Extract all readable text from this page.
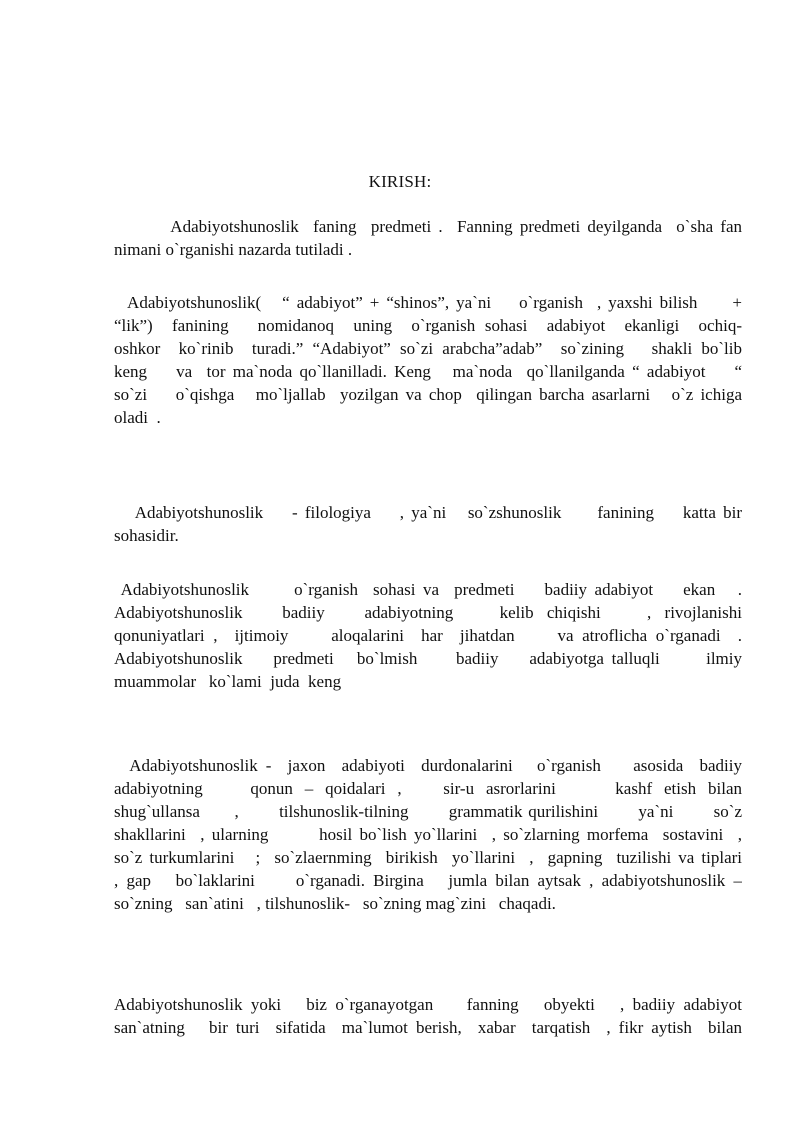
KIRISH:
Adabiyotshunoslik  faning  predmeti .  Fanning predmeti deyilganda  o`sha fan
nimani o`rganishi nazarda tutiladi .
Adabiyotshunoslik(   “ adabiyot” + “shinos”, ya`ni    o`rganish  , yaxshi bilish     +
“lik”)  fanining   nomidanoq  uning  o`rganish sohasi  adabiyot  ekanligi  ochiq-
oshkor  ko`rinib  turadi.” “Adabiyot” so`zi arabcha”adab”  so`zining   shakli bo`lib
keng    va  tor ma`noda qo`llanilladi. Keng   ma`noda  qo`llanilganda “ adabiyot    “
so`zi    o`qishga   mo`ljallab  yozilgan va chop  qilingan barcha asarlarni   o`z ichiga
oladi  .
Adabiyotshunoslik    - filologiya    , ya`ni   so`zshunoslik     fanining    katta bir
sohasidir.
Adabiyotshunoslik      o`rganish  sohasi va  predmeti    badiiy adabiyot    ekan   .
Adabiyotshunoslik      badiiy      adabiyotning       kelib  chiqishi       ,  rivojlanishi
qonuniyatlari ,  ijtimoiy     aloqalarini  har  jihatdan     va atroflicha o`rganadi  .
Adabiyotshunoslik    predmeti   bo`lmish     badiiy    adabiyotga talluqli      ilmiy
muammolar   ko`lami  juda  keng
Adabiyotshunoslik -  jaxon  adabiyoti  durdonalarini   o`rganish    asosida  badiiy
adabiyotning        qonun  –  qoidalari  ,       sir-u  asrorlarini          kashf  etish  bilan
shug`ullansa      ,       tilshunoslik-tilning       grammatik qurilishini       ya`ni       so`z
shakllarini  , ularning       hosil bo`lish yo`llarini  , so`zlarning morfema  sostavini  ,
so`z turkumlarini   ;  so`zlaernming  birikish  yo`llarini  ,  gapning  tuzilishi va tiplari
, gap   bo`laklarini     o`rganadi. Birgina   jumla bilan aytsak , adabiyotshunoslik –
so`zning   san`atini   , tilshunoslik-   so`zning mag`zini   chaqadi.
Adabiyotshunoslik yoki   biz o`rganayotgan    fanning   obyekti   , badiiy adabiyot
san`atning   bir turi  sifatida  ma`lumot berish,  xabar  tarqatish  , fikr aytish  bilan
